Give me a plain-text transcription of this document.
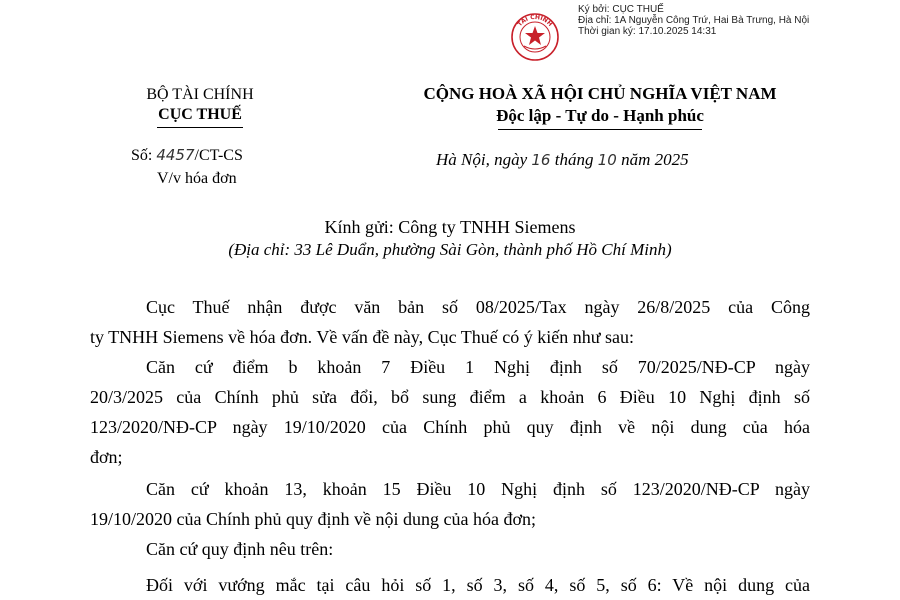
Ký bởi: CỤC THUẾ
Địa chỉ: 1A Nguyễn Công Trứ, Hai Bà Trưng, Hà Nội
Thời gian ký: 17.10.2025 14:31
TÀI CHÍNH
BỘ TÀI CHÍNH
CỤC THUẾ
Số: 4457/CT-CS
V/v hóa đơn
CỘNG HOÀ XÃ HỘI CHỦ NGHĨA VIỆT NAM
Độc lập - Tự do - Hạnh phúc
Hà Nội, ngày 16 tháng 10 năm 2025
Kính gửi: Công ty TNHH Siemens
(Địa chỉ: 33 Lê Duẩn, phường Sài Gòn, thành phố Hồ Chí Minh)
Cục Thuế nhận được văn bản số 08/2025/Tax ngày 26/8/2025 của Công
ty TNHH Siemens về hóa đơn. Về vấn đề này, Cục Thuế có ý kiến như sau:
Căn cứ điểm b khoản 7 Điều 1 Nghị định số 70/2025/NĐ-CP ngày
20/3/2025 của Chính phủ sửa đổi, bổ sung điểm a khoản 6 Điều 10 Nghị định số
123/2020/NĐ-CP ngày 19/10/2020 của Chính phủ quy định về nội dung của hóa
đơn;
Căn cứ khoản 13, khoản 15 Điều 10 Nghị định số 123/2020/NĐ-CP ngày
19/10/2020 của Chính phủ quy định về nội dung của hóa đơn;
Căn cứ quy định nêu trên:
Đối với vướng mắc tại câu hỏi số 1, số 3, số 4, số 5, số 6: Về nội dung của
